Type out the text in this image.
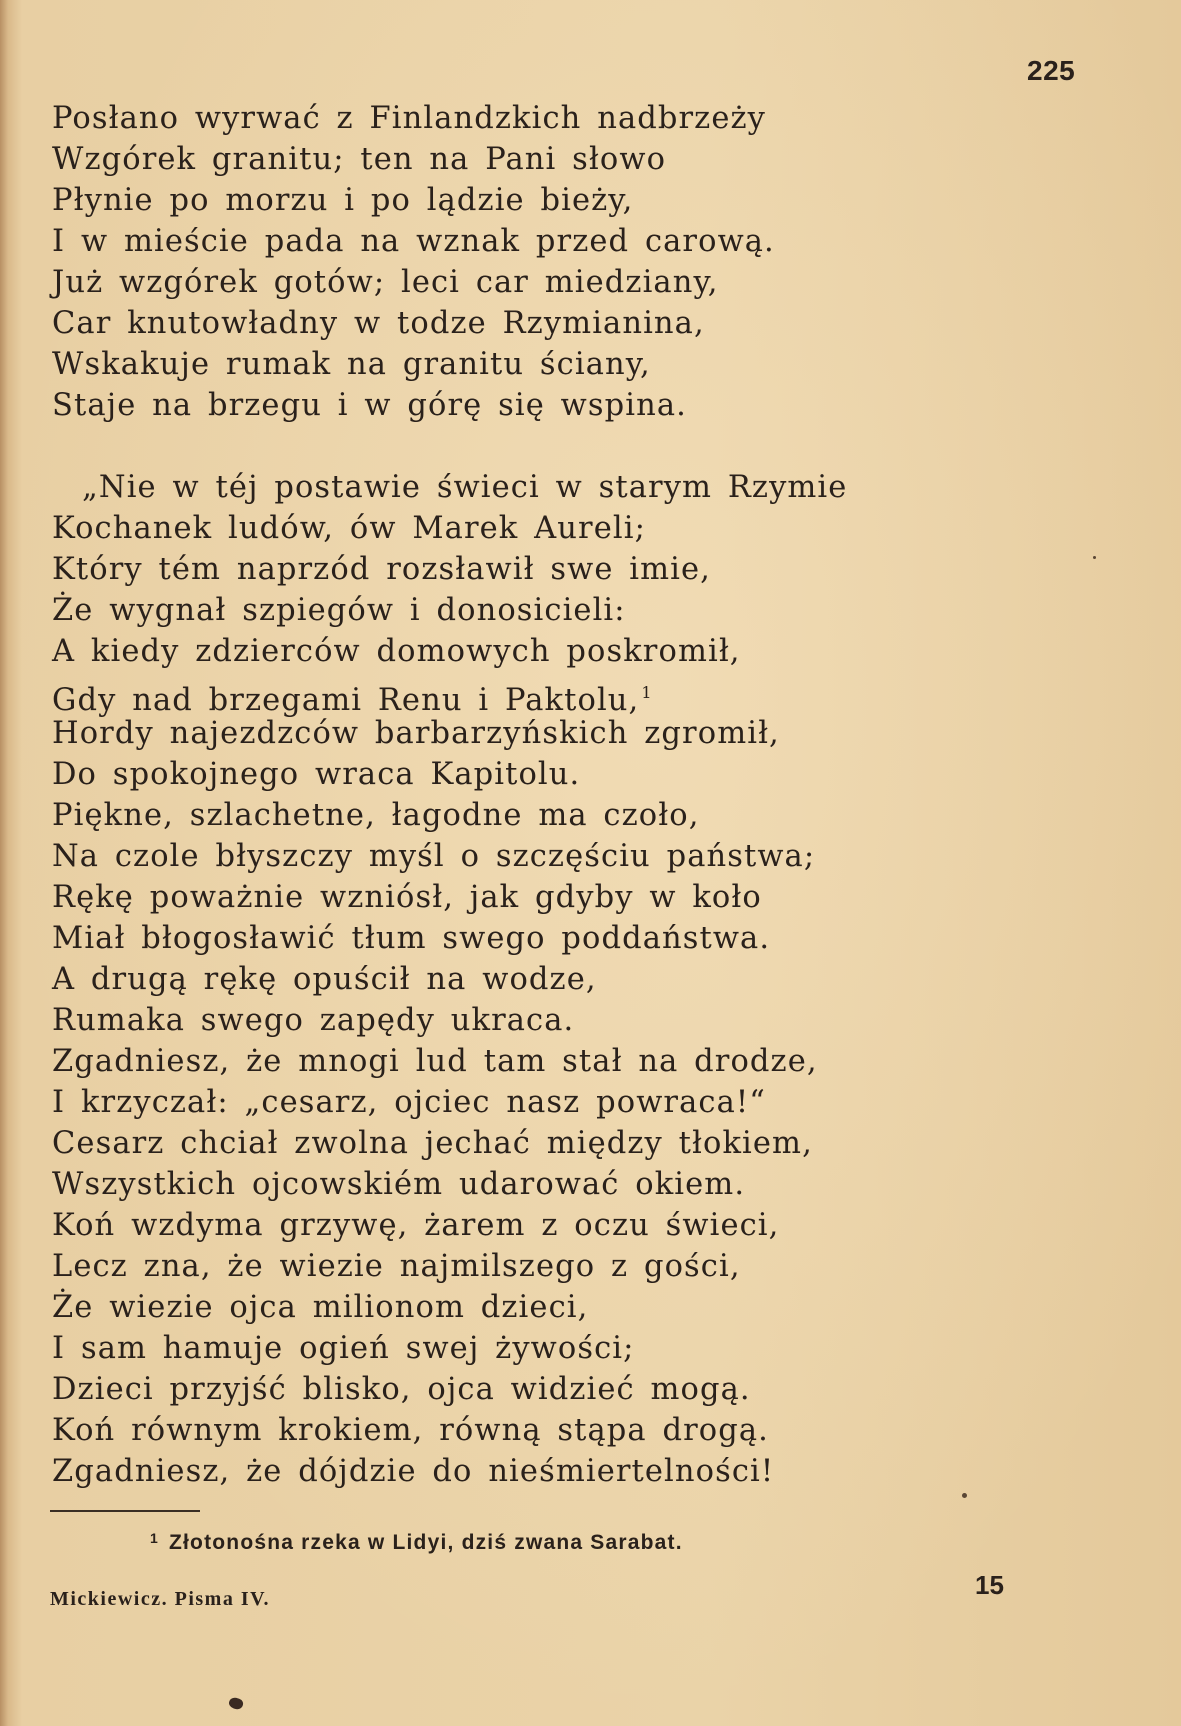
225
Posłano wyrwać z Finlandzkich nadbrzeży
Wzgórek granitu; ten na Pani słowo
Płynie po morzu i po lądzie bieży,
I w mieście pada na wznak przed carową.
Już wzgórek gotów; leci car miedziany,
Car knutowładny w todze Rzymianina,
Wskakuje rumak na granitu ściany,
Staje na brzegu i w górę się wspina.
„Nie w téj postawie świeci w starym Rzymie
Kochanek ludów, ów Marek Aureli;
Który tém naprzód rozsławił swe imie,
Że wygnał szpiegów i donosicieli:
A kiedy zdzierców domowych poskromił,
Gdy nad brzegami Renu i Paktolu, $^1$
Hordy najezdzców barbarzyńskich zgromił,
Do spokojnego wraca Kapitolu.
Piękne, szlachetne, łagodne ma czoło,
Na czole błyszczy myśl o szczęściu państwa;
Rękę poważnie wzniósł, jak gdyby w koło
Miał błogosławić tłum swego poddaństwa.
A drugą rękę opuścił na wodze,
Rumaka swego zapędy ukraca.
Zgadniesz, że mnogi lud tam stał na drodze,
I krzyczał: „cesarz, ojciec nasz powraca!“
Cesarz chciał zwolna jechać między tłokiem,
Wszystkich ojcowskiém udarować okiem.
Koń wzdyma grzywę, żarem z oczu świeci,
Lecz zna, że wiezie najmilszego z gości,
Że wiezie ojca milionom dzieci,
I sam hamuje ogień swej żywości;
Dzieci przyjść blisko, ojca widzieć mogą.
Koń równym krokiem, równą stąpa drogą.
Zgadniesz, że dójdzie do nieśmiertelności!
$^1$ Złotonośna rzeka w Lidyi, dziś zwana Sarabat.
Mickiewicz. Pisma IV.	15
